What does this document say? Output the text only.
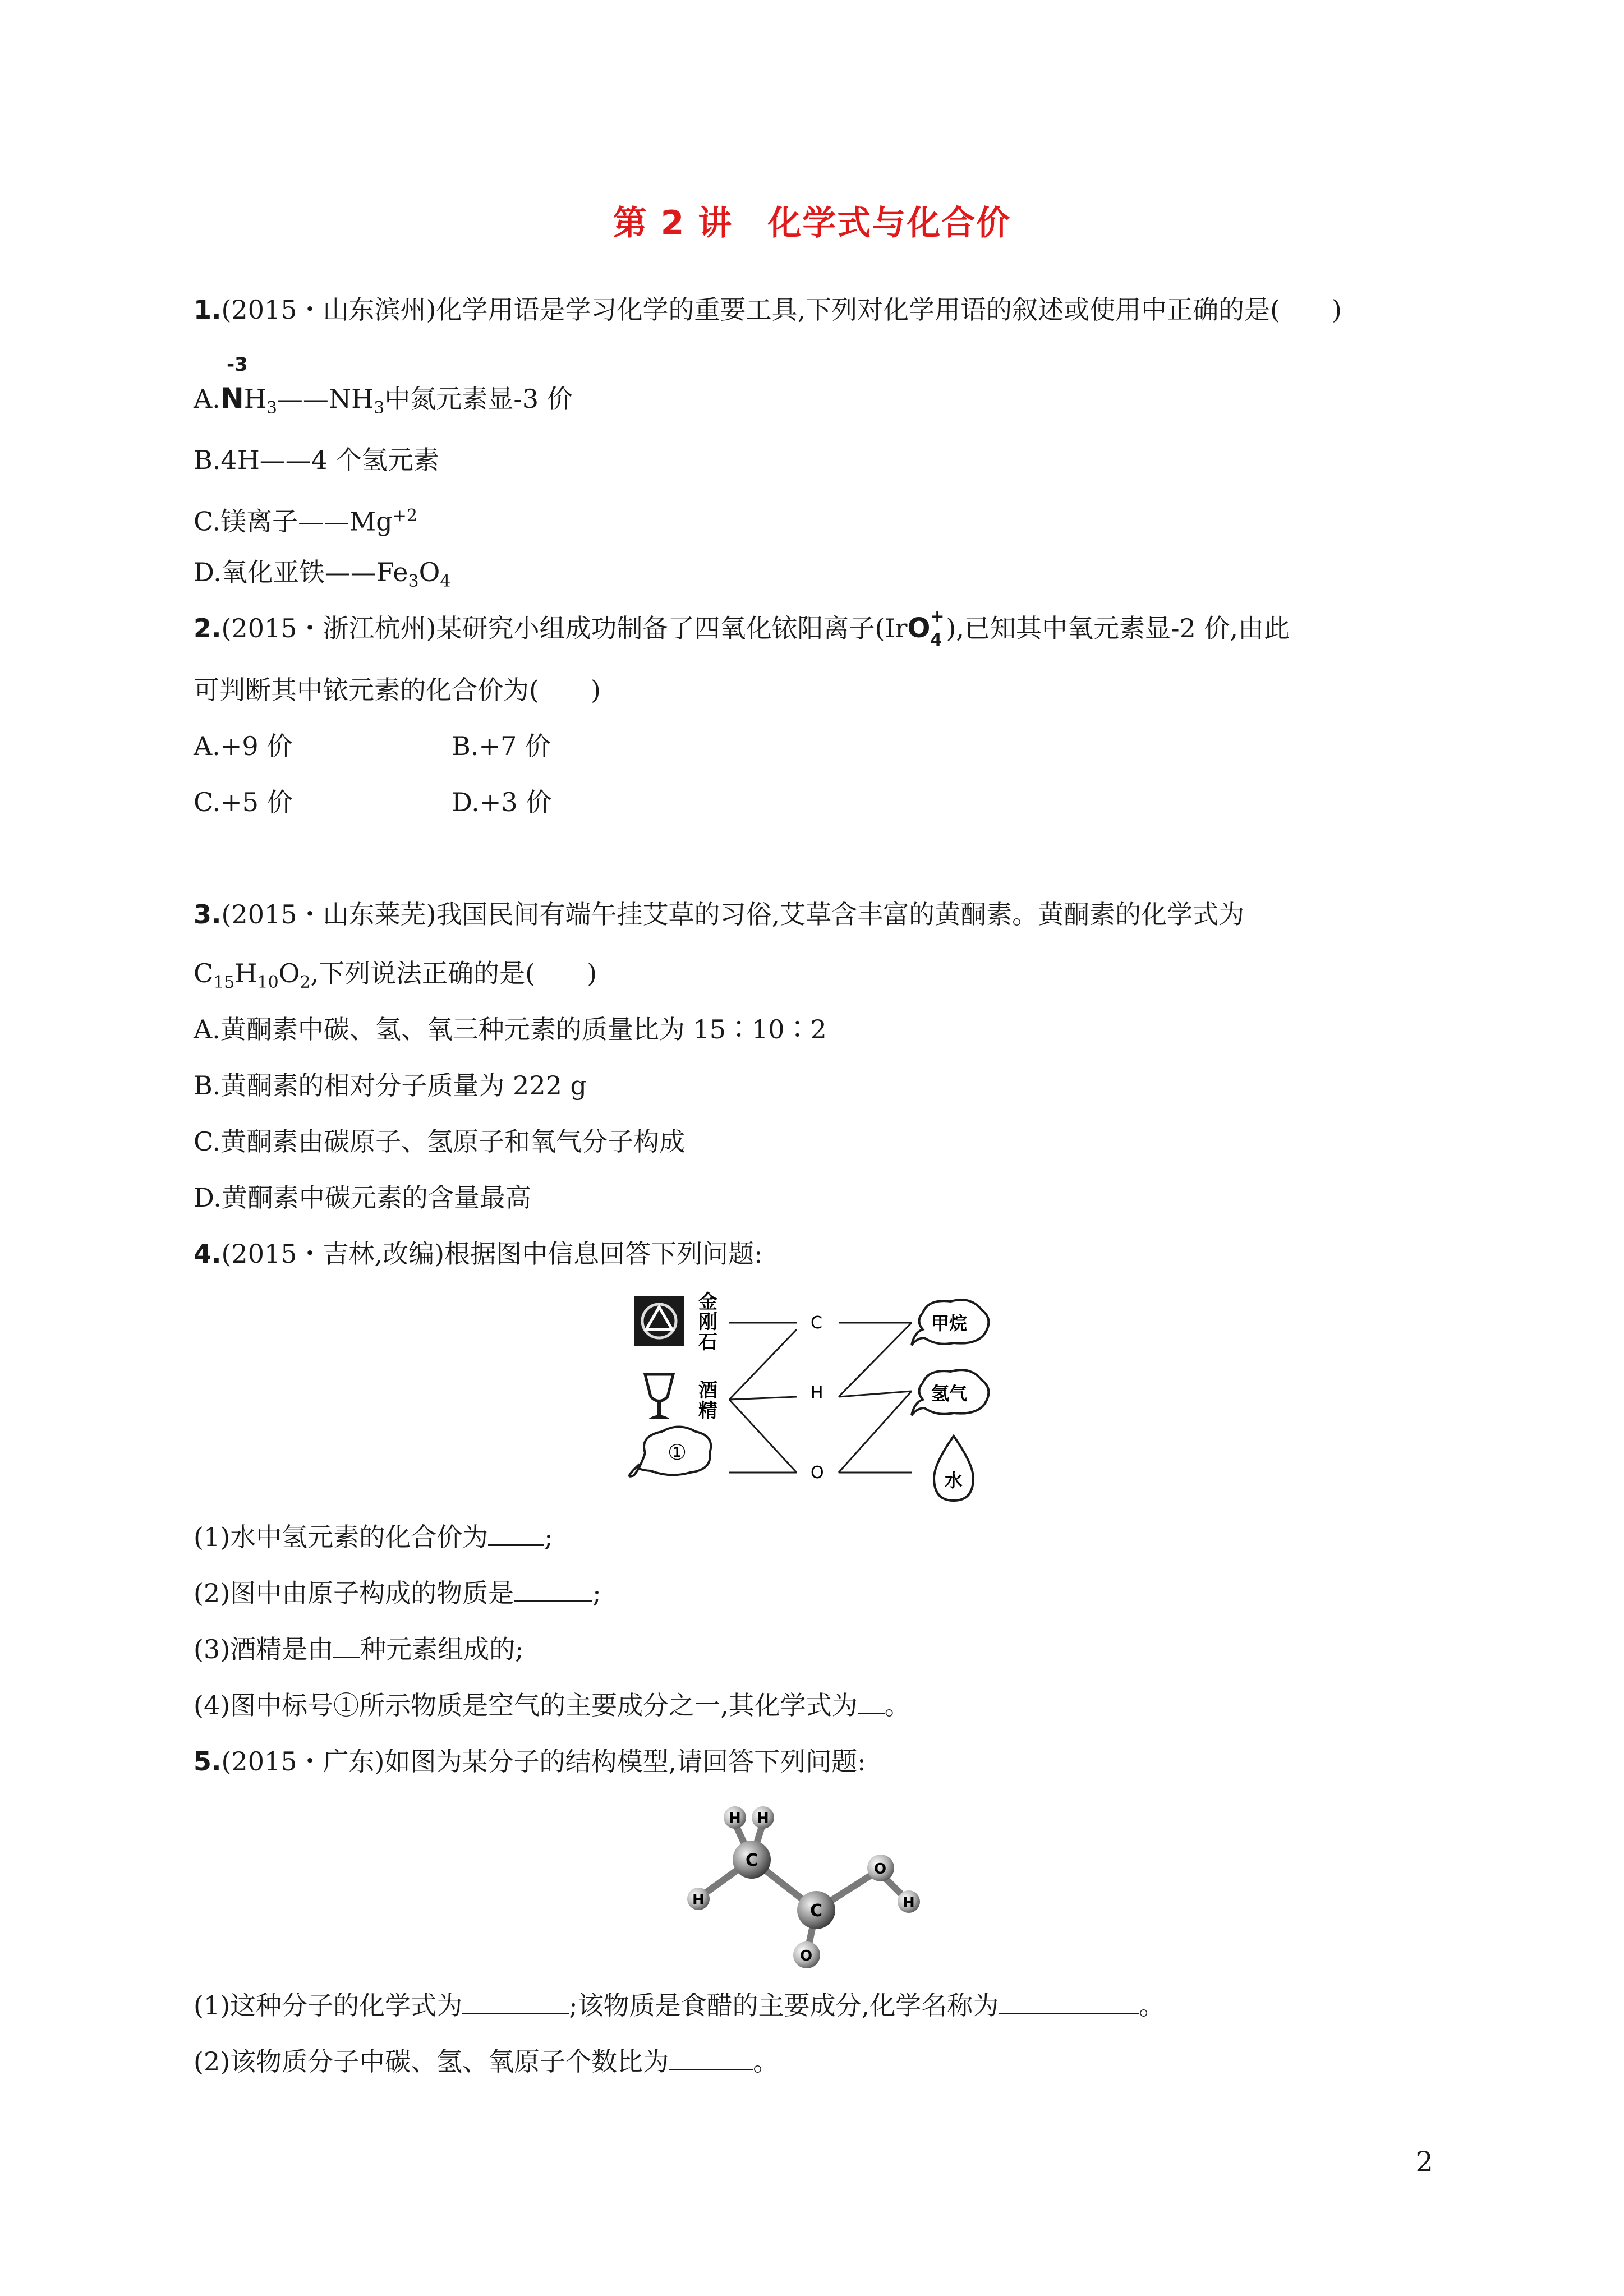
第 2 讲　化学式与化合价
1.(2015・山东滨州)化学用语是学习化学的重要工具,下列对化学用语的叙述或使用中正确的是(　　)
-3
$A.NH_3——NH_3$中氮元素显-3 价
B.4H——4 个氢元素
C.镁离子$——Mg^{+2}$
D.氧化亚铁$——Fe_3O_4$
2.(2015・浙江杭州)某研究小组成功制备了四氧化铱阳离子(IrO +
4 ),已知其中氧元素显-2 价,由此
可判断其中铱元素的化合价为(　　)
A.+9 价	B.+7 价
C.+5 价	D.+3 价
3.(2015・山东莱芜)我国民间有端午挂艾草的习俗,艾草含丰富的黄酮素。黄酮素的化学式为
$C_{15}H_{10}O_2$,下列说法正确的是(　　)
A.黄酮素中碳、氢、氧三种元素的质量比为 15∶10∶2
B.黄酮素的相对分子质量为 222 g
C.黄酮素由碳原子、氢原子和氧气分子构成
D.黄酮素中碳元素的含量最高
4.(2015・吉林,改编)根据图中信息回答下列问题:
金
刚
石
酒
精
①
C
H
O
甲烷
氢气
水
(1)水中氢元素的化合价为 ;
(2)图中由原子构成的物质是	;
(3)酒精是由 种元素组成的;
(4)图中标号①所示物质是空气的主要成分之一,其化学式为 。
5.(2015・广东)如图为某分子的结构模型,请回答下列问题:
H H
H
C
C
O
O
H
(1)这种分子的化学式为	;该物质是食醋的主要成分,化学名称为	。
(2)该物质分子中碳、氢、氧原子个数比为	。
2
